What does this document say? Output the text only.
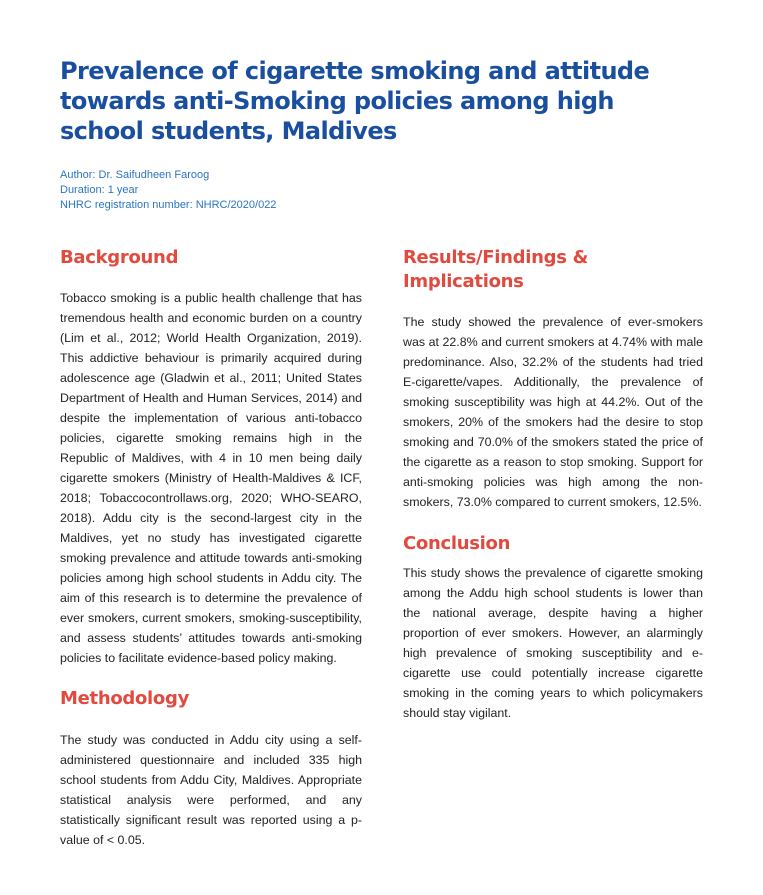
Prevalence of cigarette smoking and attitude towards anti-Smoking policies among high school students, Maldives
Author: Dr. Saifudheen Faroog
Duration: 1 year
NHRC registration number: NHRC/2020/022
Background

Tobacco smoking is a public health challenge that has tremendous health and economic burden on a country (Lim et al., 2012; World Health Organization, 2019). This addictive behaviour is primarily acquired during adolescence age (Gladwin et al., 2011; United States Department of Health and Human Services, 2014) and despite the implementation of various anti-tobacco policies, cigarette smoking remains high in the Republic of Maldives, with 4 in 10 men being daily cigarette smokers (Ministry of Health-Maldives & ICF, 2018; Tobaccocontrollaws.org, 2020; WHO-SEARO, 2018). Addu city is the second-largest city in the Maldives, yet no study has investigated cigarette smoking prevalence and attitude towards anti-smoking policies among high school students in Addu city. The aim of this research is to determine the prevalence of ever smokers, current smokers, smoking-susceptibility, and assess students’ attitudes towards anti-smoking policies to facilitate evidence-based policy making.

Methodology

The study was conducted in Addu city using a self-administered questionnaire and included 335 high school students from Addu City, Maldives. Appropriate statistical analysis were performed, and any statistically significant result was reported using a p-value of < 0.05.

Results/Findings & Implications

The study showed the prevalence of ever-smokers was at 22.8% and current smokers at 4.74% with male predominance. Also, 32.2% of the students had tried E-cigarette/vapes. Additionally, the prevalence of smoking susceptibility was high at 44.2%. Out of the smokers, 20% of the smokers had the desire to stop smoking and 70.0% of the smokers stated the price of the cigarette as a reason to stop smoking. Support for anti-smoking policies was high among the non-smokers, 73.0% compared to current smokers, 12.5%.

Conclusion

This study shows the prevalence of cigarette smoking among the Addu high school students is lower than the national average, despite having a higher proportion of ever smokers. However, an alarmingly high prevalence of smoking susceptibility and e-cigarette use could potentially increase cigarette smoking in the coming years to which policymakers should stay vigilant.
